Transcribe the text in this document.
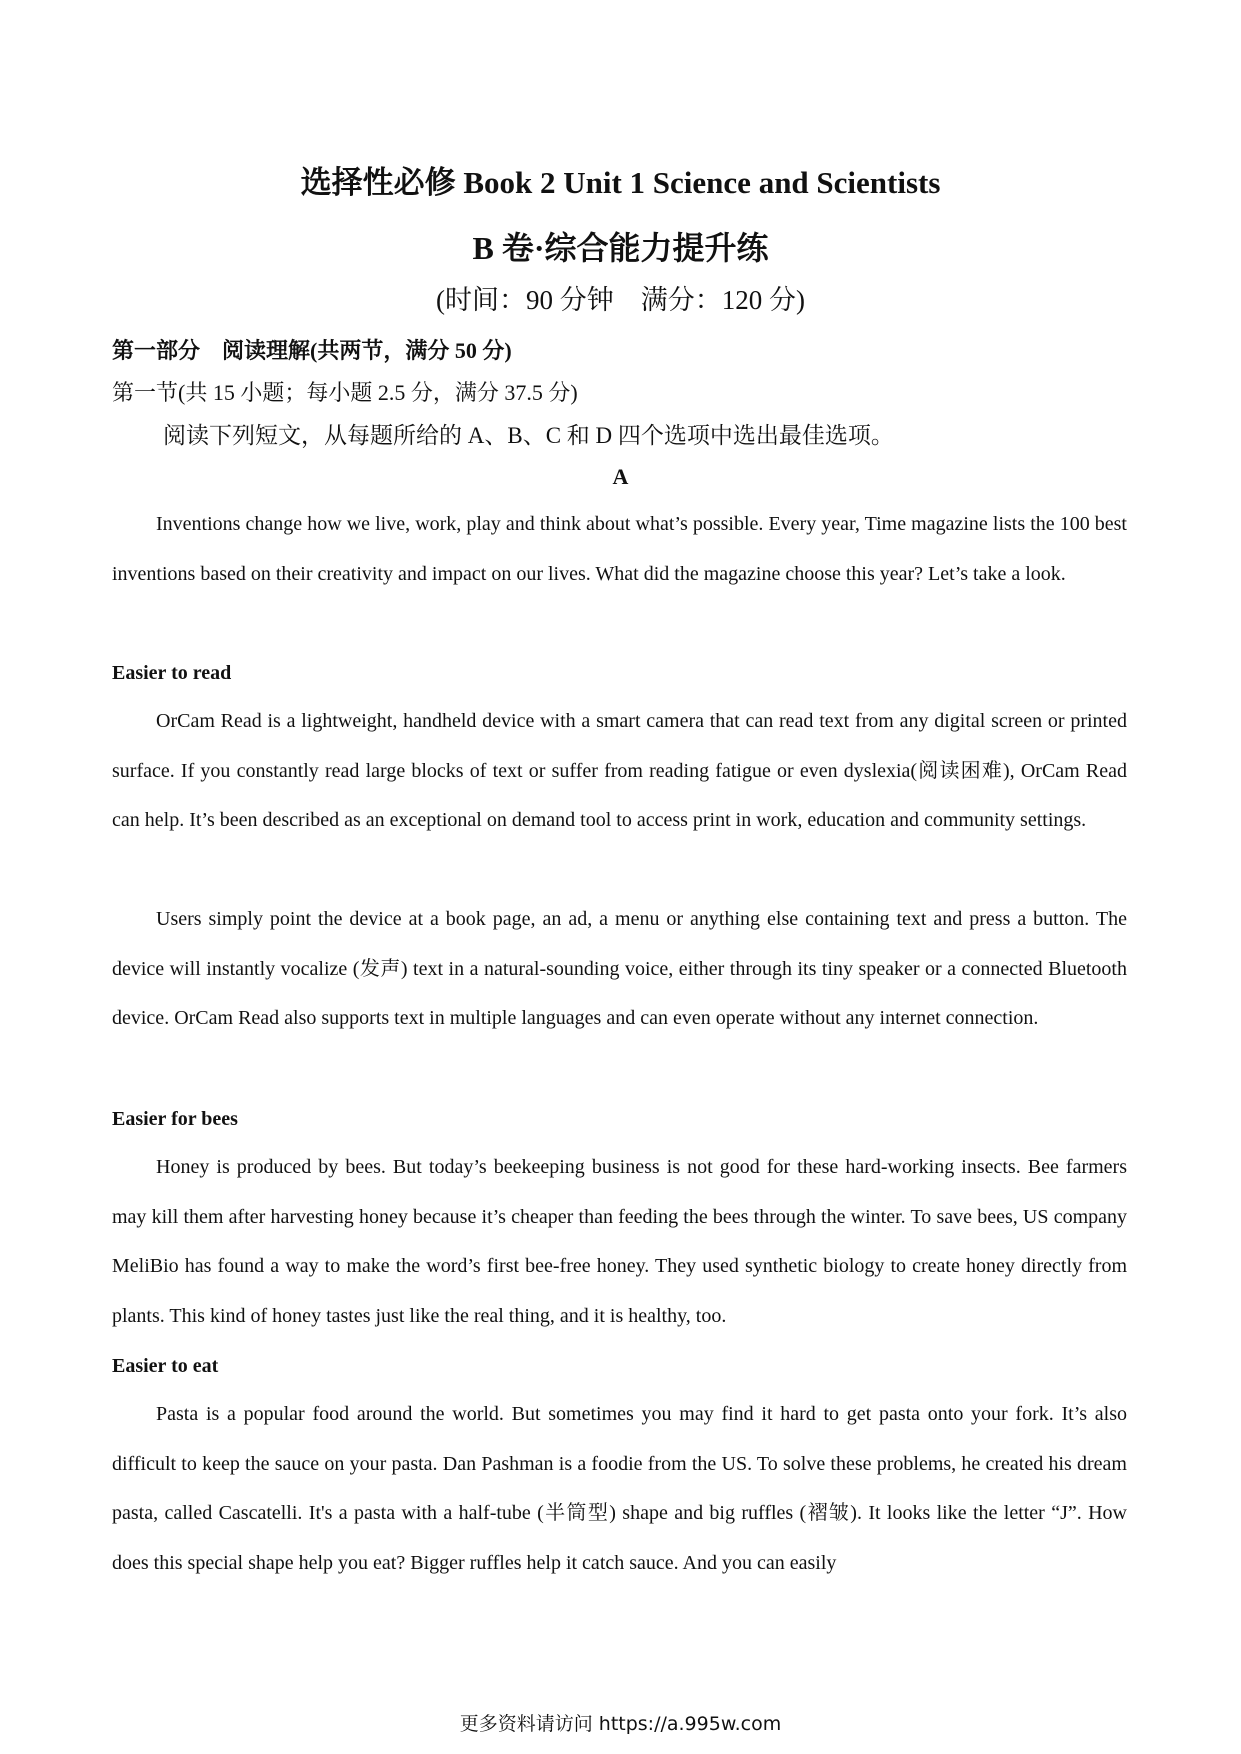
选择性必修 Book 2 Unit 1 Science and Scientists
B 卷·综合能力提升练
(时间：90 分钟　满分：120 分)
第一部分　阅读理解(共两节，满分 50 分)
第一节(共 15 小题；每小题 2.5 分，满分 37.5 分)
阅读下列短文，从每题所给的 A、B、C 和 D 四个选项中选出最佳选项。
A
Inventions change how we live, work, play and think about what’s possible. Every year, Time magazine lists the 100 best inventions based on their creativity and impact on our lives. What did the magazine choose this year? Let’s take a look.
Easier to read
OrCam Read is a lightweight, handheld device with a smart camera that can read text from any digital screen or printed surface. If you constantly read large blocks of text or suffer from reading fatigue or even dyslexia(阅读困难), OrCam Read can help. It’s been described as an exceptional on demand tool to access print in work, education and community settings.
Users simply point the device at a book page, an ad, a menu or anything else containing text and press a button. The device will instantly vocalize (发声) text in a natural-sounding voice, either through its tiny speaker or a connected Bluetooth device. OrCam Read also supports text in multiple languages and can even operate without any internet connection.
Easier for bees
Honey is produced by bees. But today’s beekeeping business is not good for these hard-working insects. Bee farmers may kill them after harvesting honey because it’s cheaper than feeding the bees through the winter. To save bees, US company MeliBio has found a way to make the word’s first bee-free honey. They used synthetic biology to create honey directly from plants. This kind of honey tastes just like the real thing, and it is healthy, too.
Easier to eat
Pasta is a popular food around the world. But sometimes you may find it hard to get pasta onto your fork. It’s also difficult to keep the sauce on your pasta. Dan Pashman is a foodie from the US. To solve these problems, he created his dream pasta, called Cascatelli. It's a pasta with a half-tube (半筒型) shape and big ruffles (褶皱). It looks like the letter “J”. How does this special shape help you eat? Bigger ruffles help it catch sauce. And you can easily
更多资料请访问 https://a.995w.com
